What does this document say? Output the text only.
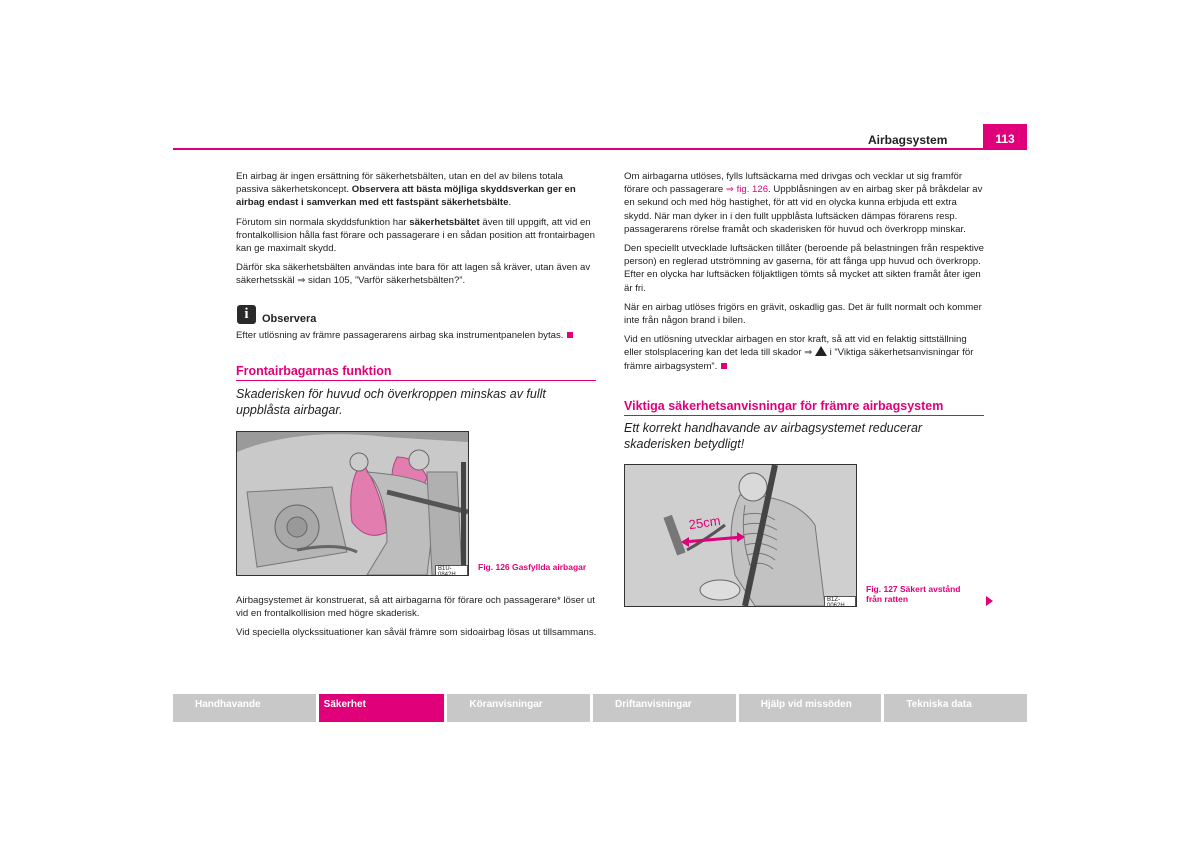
Airbagsystem	113

En airbag är ingen ersättning för säkerhetsbälten, utan en del av bilens totala passiva säkerhetskoncept. Observera att bästa möjliga skyddsverkan ger en airbag endast i samverkan med ett fastspänt säkerhetsbälte.

Förutom sin normala skyddsfunktion har säkerhetsbältet även till uppgift, att vid en frontalkollision hålla fast förare och passagerare i en sådan position att frontairbagen kan ge maximalt skydd.

Därför ska säkerhetsbälten användas inte bara för att lagen så kräver, utan även av säkerhetsskäl ⇒ sidan 105, ”Varför säkerhetsbälten?”.

i	Observera
Efter utlösning av främre passagerarens airbag ska instrumentpanelen bytas.
Frontairbagarnas funktion
Skaderisken för huvud och överkroppen minskas av fullt uppblåsta airbagar.
B1U-0842H
Fig. 126 Gasfyllda airbagar

Airbagsystemet är konstruerat, så att airbagarna för förare och passagerare* löser ut vid en frontalkollision med högre skaderisk.

Vid speciella olyckssituationer kan såväl främre som sidoairbag lösas ut tillsammans.

Om airbagarna utlöses, fylls luftsäckarna med drivgas och vecklar ut sig framför förare och passagerare ⇒ fig. 126. Uppblåsningen av en airbag sker på bråkdelar av en sekund och med hög hastighet, för att vid en olycka kunna erbjuda ett extra skydd. När man dyker in i den fullt uppblåsta luftsäcken dämpas förarens resp. passagerarens rörelse framåt och skaderisken för huvud och överkropp minskar.

Den speciellt utvecklade luftsäcken tillåter (beroende på belastningen från respektive person) en reglerad utströmning av gaserna, för att fånga upp huvud och överkropp. Efter en olycka har luftsäcken följaktligen tömts så mycket att sikten framåt åter igen är fri.

När en airbag utlöses frigörs en grävit, oskadlig gas. Det är fullt normalt och kommer inte från någon brand i bilen.

Vid en utlösning utvecklar airbagen en stor kraft, så att vid en felaktig sittställning eller stolsplacering kan det leda till skador ⇒  i ”Viktiga säkerhetsanvisningar för främre airbagsystem”.

Viktiga säkerhetsanvisningar för främre airbagsystem
Ett korrekt handhavande av airbagsystemet reducerar skaderisken betydligt!
25cm
B1Z-0062H
Fig. 127 Säkert avstånd från ratten
Handhavande	Säkerhet	Köranvisningar	Driftanvisningar	Hjälp vid missöden	Tekniska data
